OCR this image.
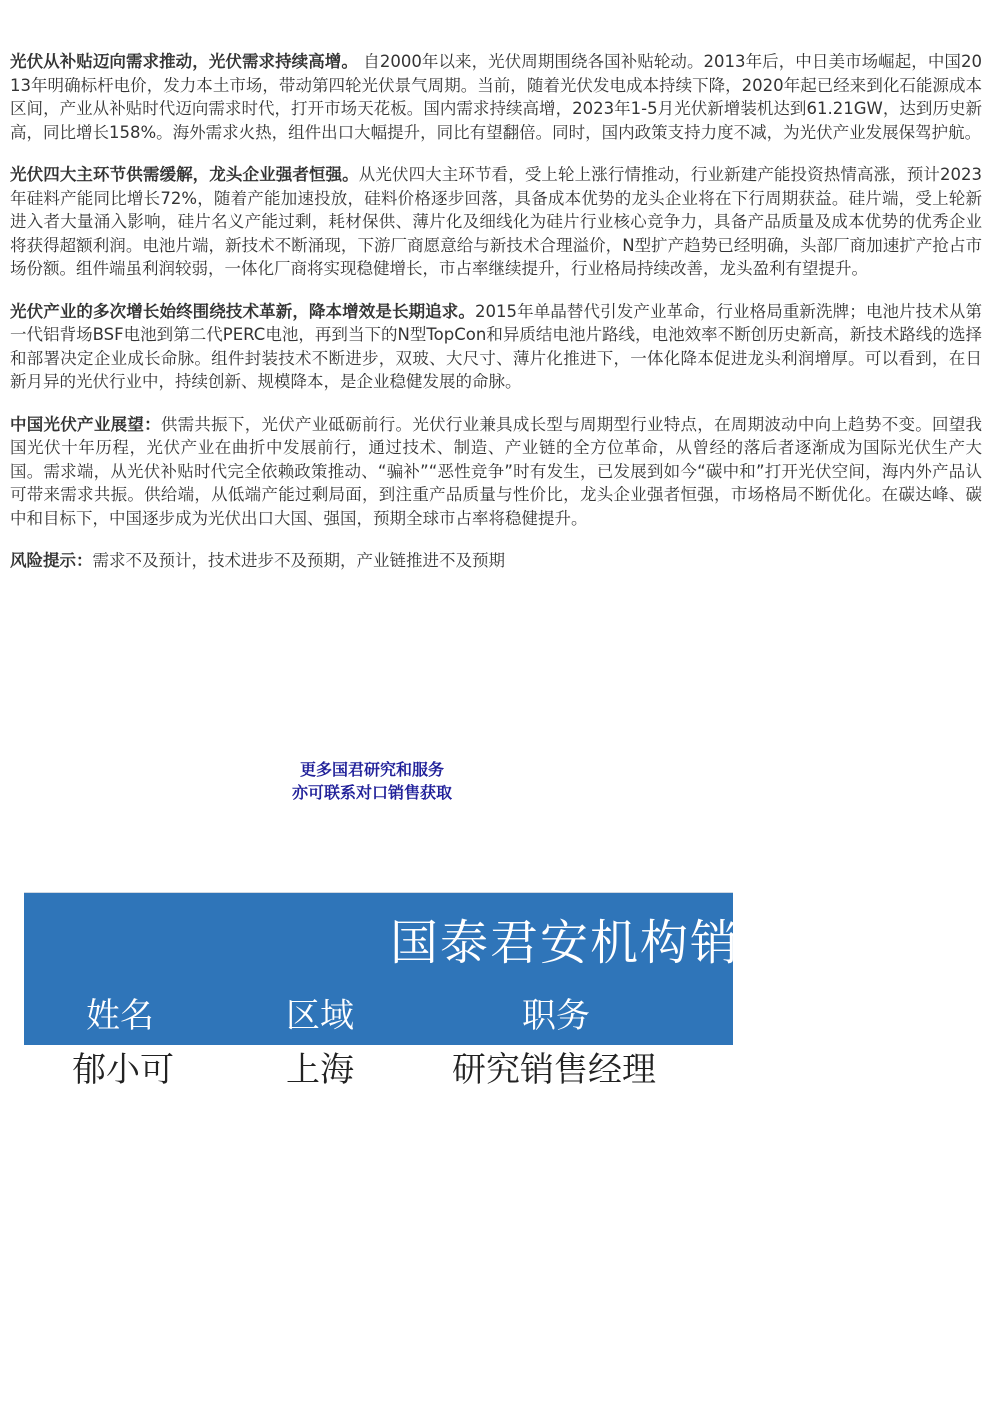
光伏从补贴迈向需求推动，光伏需求持续高增。 自2000年以来，光伏周期围绕各国补贴轮动。2013年后，中日美市场崛起，中国2013年明确标杆电价，发力本土市场，带动第四轮光伏景气周期。当前，随着光伏发电成本持续下降，2020年起已经来到化石能源成本区间，产业从补贴时代迈向需求时代，打开市场天花板。国内需求持续高增，2023年1-5月光伏新增装机达到61.21GW，达到历史新高，同比增长158%。海外需求火热，组件出口大幅提升，同比有望翻倍。同时，国内政策支持力度不减，为光伏产业发展保驾护航。

光伏四大主环节供需缓解，龙头企业强者恒强。从光伏四大主环节看，受上轮上涨行情推动，行业新建产能投资热情高涨，预计2023年硅料产能同比增长72%，随着产能加速投放，硅料价格逐步回落，具备成本优势的龙头企业将在下行周期获益。硅片端，受上轮新进入者大量涌入影响，硅片名义产能过剩，耗材保供、薄片化及细线化为硅片行业核心竞争力，具备产品质量及成本优势的优秀企业将获得超额利润。电池片端，新技术不断涌现，下游厂商愿意给与新技术合理溢价，N型扩产趋势已经明确，头部厂商加速扩产抢占市场份额。组件端虽利润较弱，一体化厂商将实现稳健增长，市占率继续提升，行业格局持续改善，龙头盈利有望提升。

光伏产业的多次增长始终围绕技术革新，降本增效是长期追求。2015年单晶替代引发产业革命，行业格局重新洗牌；电池片技术从第一代铝背场BSF电池到第二代PERC电池，再到当下的N型TopCon和异质结电池片路线，电池效率不断创历史新高，新技术路线的选择和部署决定企业成长命脉。组件封装技术不断进步，双玻、大尺寸、薄片化推进下，一体化降本促进龙头利润增厚。可以看到，在日新月异的光伏行业中，持续创新、规模降本，是企业稳健发展的命脉。

中国光伏产业展望：供需共振下，光伏产业砥砺前行。光伏行业兼具成长型与周期型行业特点，在周期波动中向上趋势不变。回望我国光伏十年历程，光伏产业在曲折中发展前行，通过技术、制造、产业链的全方位革命，从曾经的落后者逐渐成为国际光伏生产大国。需求端，从光伏补贴时代完全依赖政策推动、“骗补”“恶性竞争”时有发生，已发展到如今“碳中和”打开光伏空间，海内外产品认可带来需求共振。供给端，从低端产能过剩局面，到注重产品质量与性价比，龙头企业强者恒强，市场格局不断优化。在碳达峰、碳中和目标下，中国逐步成为光伏出口大国、强国，预期全球市占率将稳健提升。

风险提示：需求不及预计，技术进步不及预期，产业链推进不及预期

更多国君研究和服务
亦可联系对口销售获取
国泰君安机构销
姓名	区域	职务
郁小可	上海	研究销售经理
